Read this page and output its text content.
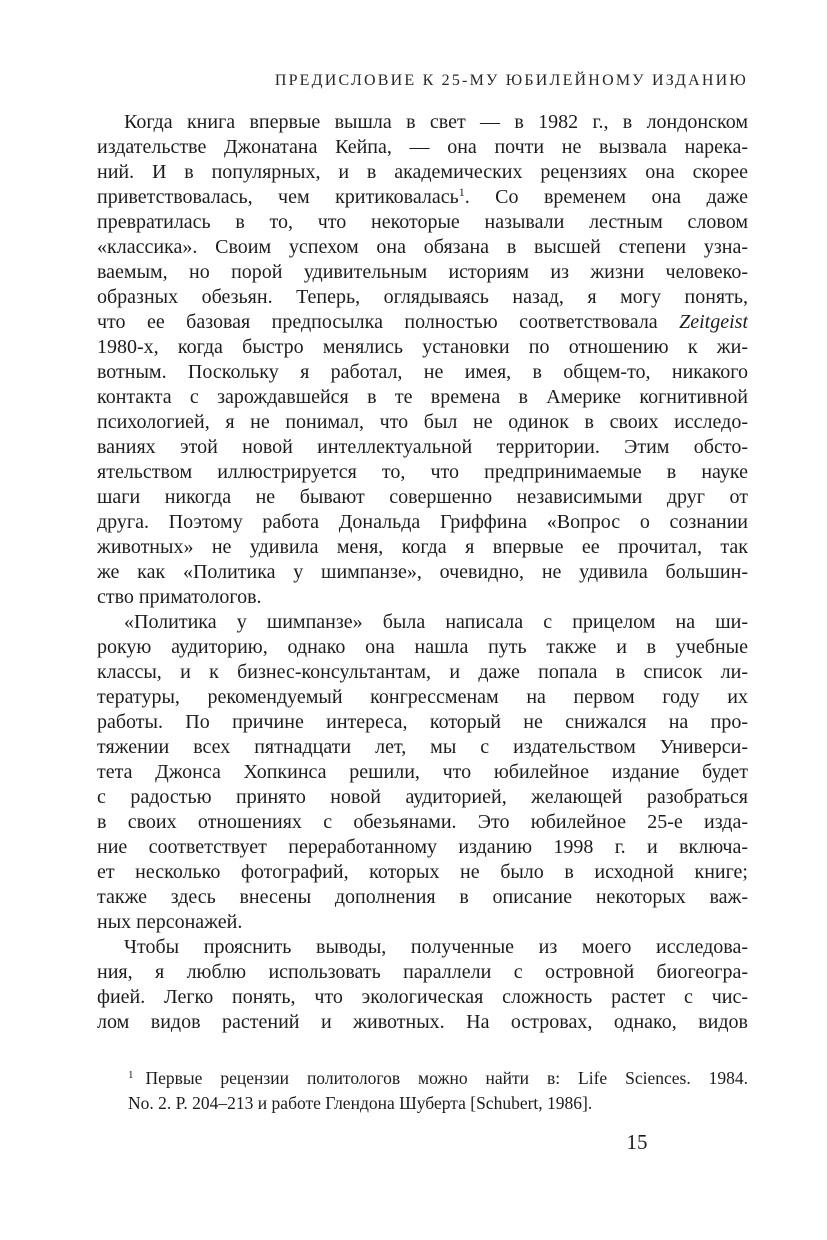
ПРЕДИСЛОВИЕ К 25-МУ ЮБИЛЕЙНОМУ ИЗДАНИЮ
Когда книга впервые вышла в свет — в 1982 г., в лондонском
издательстве Джонатана Кейпа, — она почти не вызвала нарека-
ний. И в популярных, и в академических рецензиях она скорее
приветствовалась, чем критиковалась$^1$. Со временем она даже
превратилась в то, что некоторые называли лестным словом
«классика». Своим успехом она обязана в высшей степени узна-
ваемым, но порой удивительным историям из жизни человеко-
образных обезьян. Теперь, оглядываясь назад, я могу понять,
что ее базовая предпосылка полностью соответствовала Zeitgeist
1980-х, когда быстро менялись установки по отношению к жи-
вотным. Поскольку я работал, не имея, в общем-то, никакого
контакта с зарождавшейся в те времена в Америке когнитивной
психологией, я не понимал, что был не одинок в своих исследо-
ваниях этой новой интеллектуальной территории. Этим обсто-
ятельством иллюстрируется то, что предпринимаемые в науке
шаги никогда не бывают совершенно независимыми друг от
друга. Поэтому работа Дональда Гриффина «Вопрос о сознании
животных» не удивила меня, когда я впервые ее прочитал, так
же как «Политика у шимпанзе», очевидно, не удивила большин-
ство приматологов.
«Политика у шимпанзе» была написала с прицелом на ши-
рокую аудиторию, однако она нашла путь также и в учебные
классы, и к бизнес-консультантам, и даже попала в список ли-
тературы, рекомендуемый конгрессменам на первом году их
работы. По причине интереса, который не снижался на про-
тяжении всех пятнадцати лет, мы с издательством Универси-
тета Джонса Хопкинса решили, что юбилейное издание будет
с радостью принято новой аудиторией, желающей разобраться
в своих отношениях с обезьянами. Это юбилейное 25-е изда-
ние соответствует переработанному изданию 1998 г. и включа-
ет несколько фотографий, которых не было в исходной книге;
также здесь внесены дополнения в описание некоторых важ-
ных персонажей.
Чтобы прояснить выводы, полученные из моего исследова-
ния, я люблю использовать параллели с островной биогеогра-
фией. Легко понять, что экологическая сложность растет с чис-
лом видов растений и животных. На островах, однако, видов
$^1$ Первые рецензии политологов можно найти в: Life Sciences. 1984.
No. 2. P. 204–213 и работе Глендона Шуберта [Schubert, 1986].
15
